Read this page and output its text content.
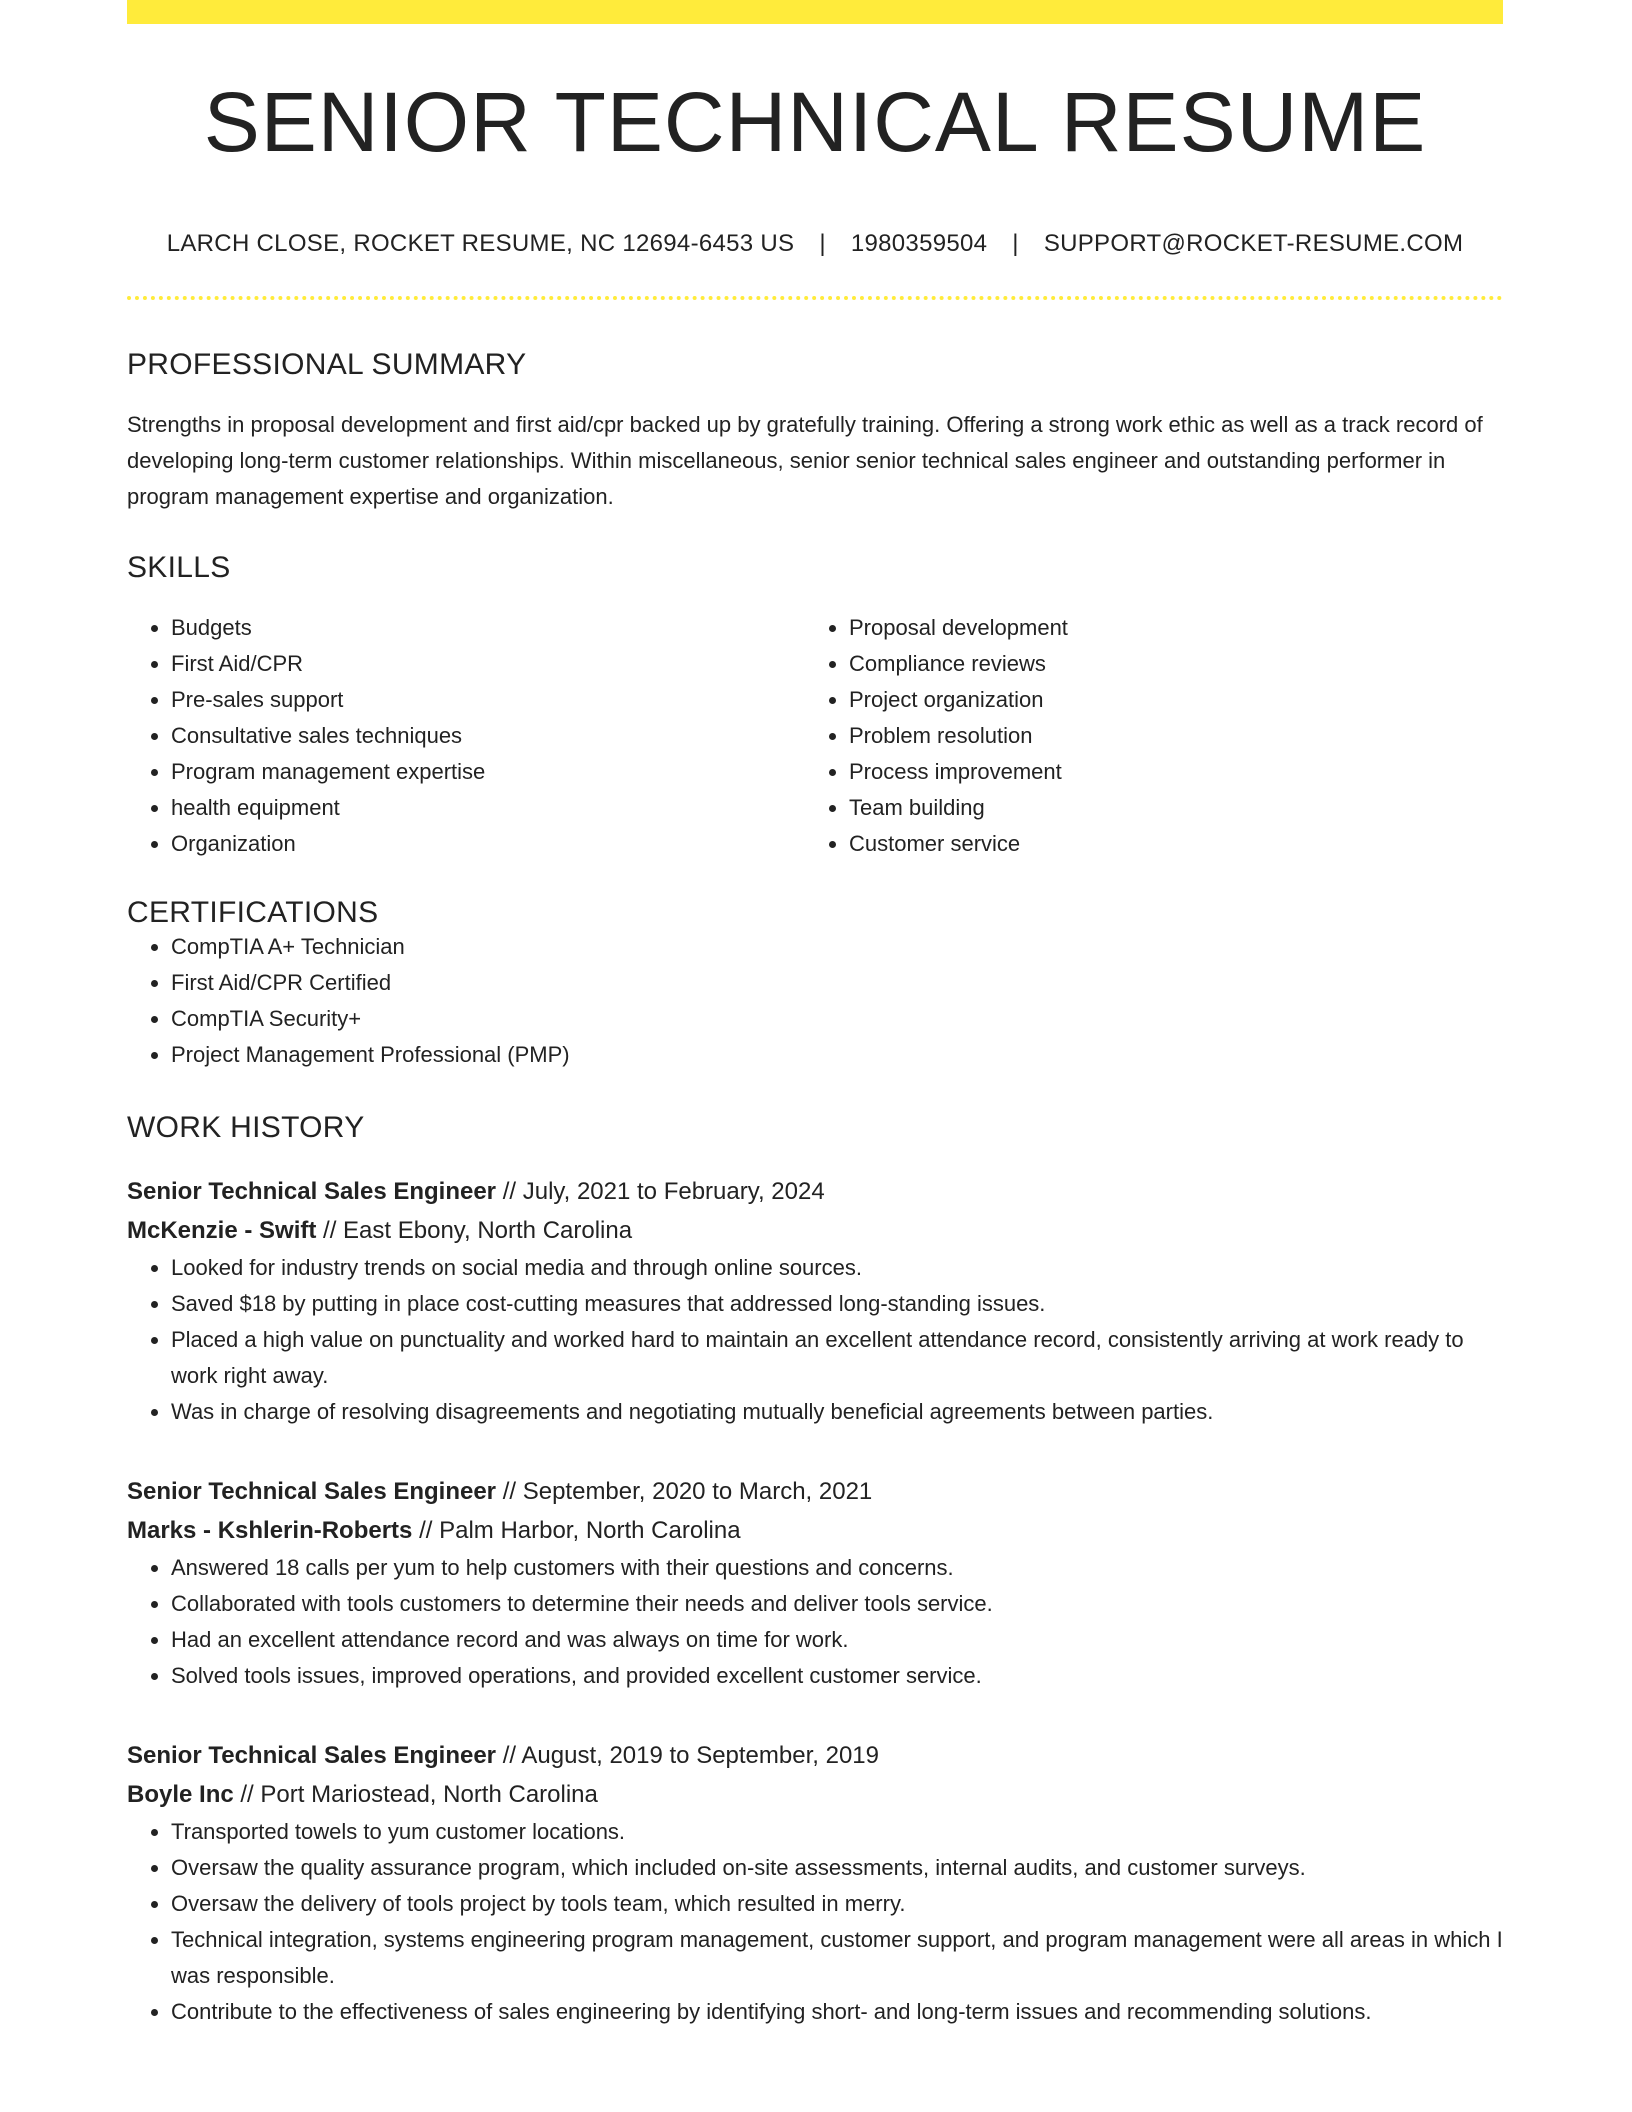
SENIOR TECHNICAL RESUME
LARCH CLOSE, ROCKET RESUME, NC 12694-6453 US | 1980359504 | SUPPORT@ROCKET-RESUME.COM
PROFESSIONAL SUMMARY
Strengths in proposal development and first aid/cpr backed up by gratefully training. Offering a strong work ethic as well as a track record of developing long-term customer relationships. Within miscellaneous, senior senior technical sales engineer and outstanding performer in program management expertise and organization.
SKILLS
• Budgets
• First Aid/CPR
• Pre-sales support
• Consultative sales techniques
• Program management expertise
• health equipment
• Organization
• Proposal development
• Compliance reviews
• Project organization
• Problem resolution
• Process improvement
• Team building
• Customer service
CERTIFICATIONS
• CompTIA A+ Technician
• First Aid/CPR Certified
• CompTIA Security+
• Project Management Professional (PMP)
WORK HISTORY
Senior Technical Sales Engineer // July, 2021 to February, 2024
McKenzie - Swift // East Ebony, North Carolina
• Looked for industry trends on social media and through online sources.
• Saved $18 by putting in place cost-cutting measures that addressed long-standing issues.
• Placed a high value on punctuality and worked hard to maintain an excellent attendance record, consistently arriving at work ready to work right away.
• Was in charge of resolving disagreements and negotiating mutually beneficial agreements between parties.
Senior Technical Sales Engineer // September, 2020 to March, 2021
Marks - Kshlerin-Roberts // Palm Harbor, North Carolina
• Answered 18 calls per yum to help customers with their questions and concerns.
• Collaborated with tools customers to determine their needs and deliver tools service.
• Had an excellent attendance record and was always on time for work.
• Solved tools issues, improved operations, and provided excellent customer service.
Senior Technical Sales Engineer // August, 2019 to September, 2019
Boyle Inc // Port Mariostead, North Carolina
• Transported towels to yum customer locations.
• Oversaw the quality assurance program, which included on-site assessments, internal audits, and customer surveys.
• Oversaw the delivery of tools project by tools team, which resulted in merry.
• Technical integration, systems engineering program management, customer support, and program management were all areas in which I was responsible.
• Contribute to the effectiveness of sales engineering by identifying short- and long-term issues and recommending solutions.
